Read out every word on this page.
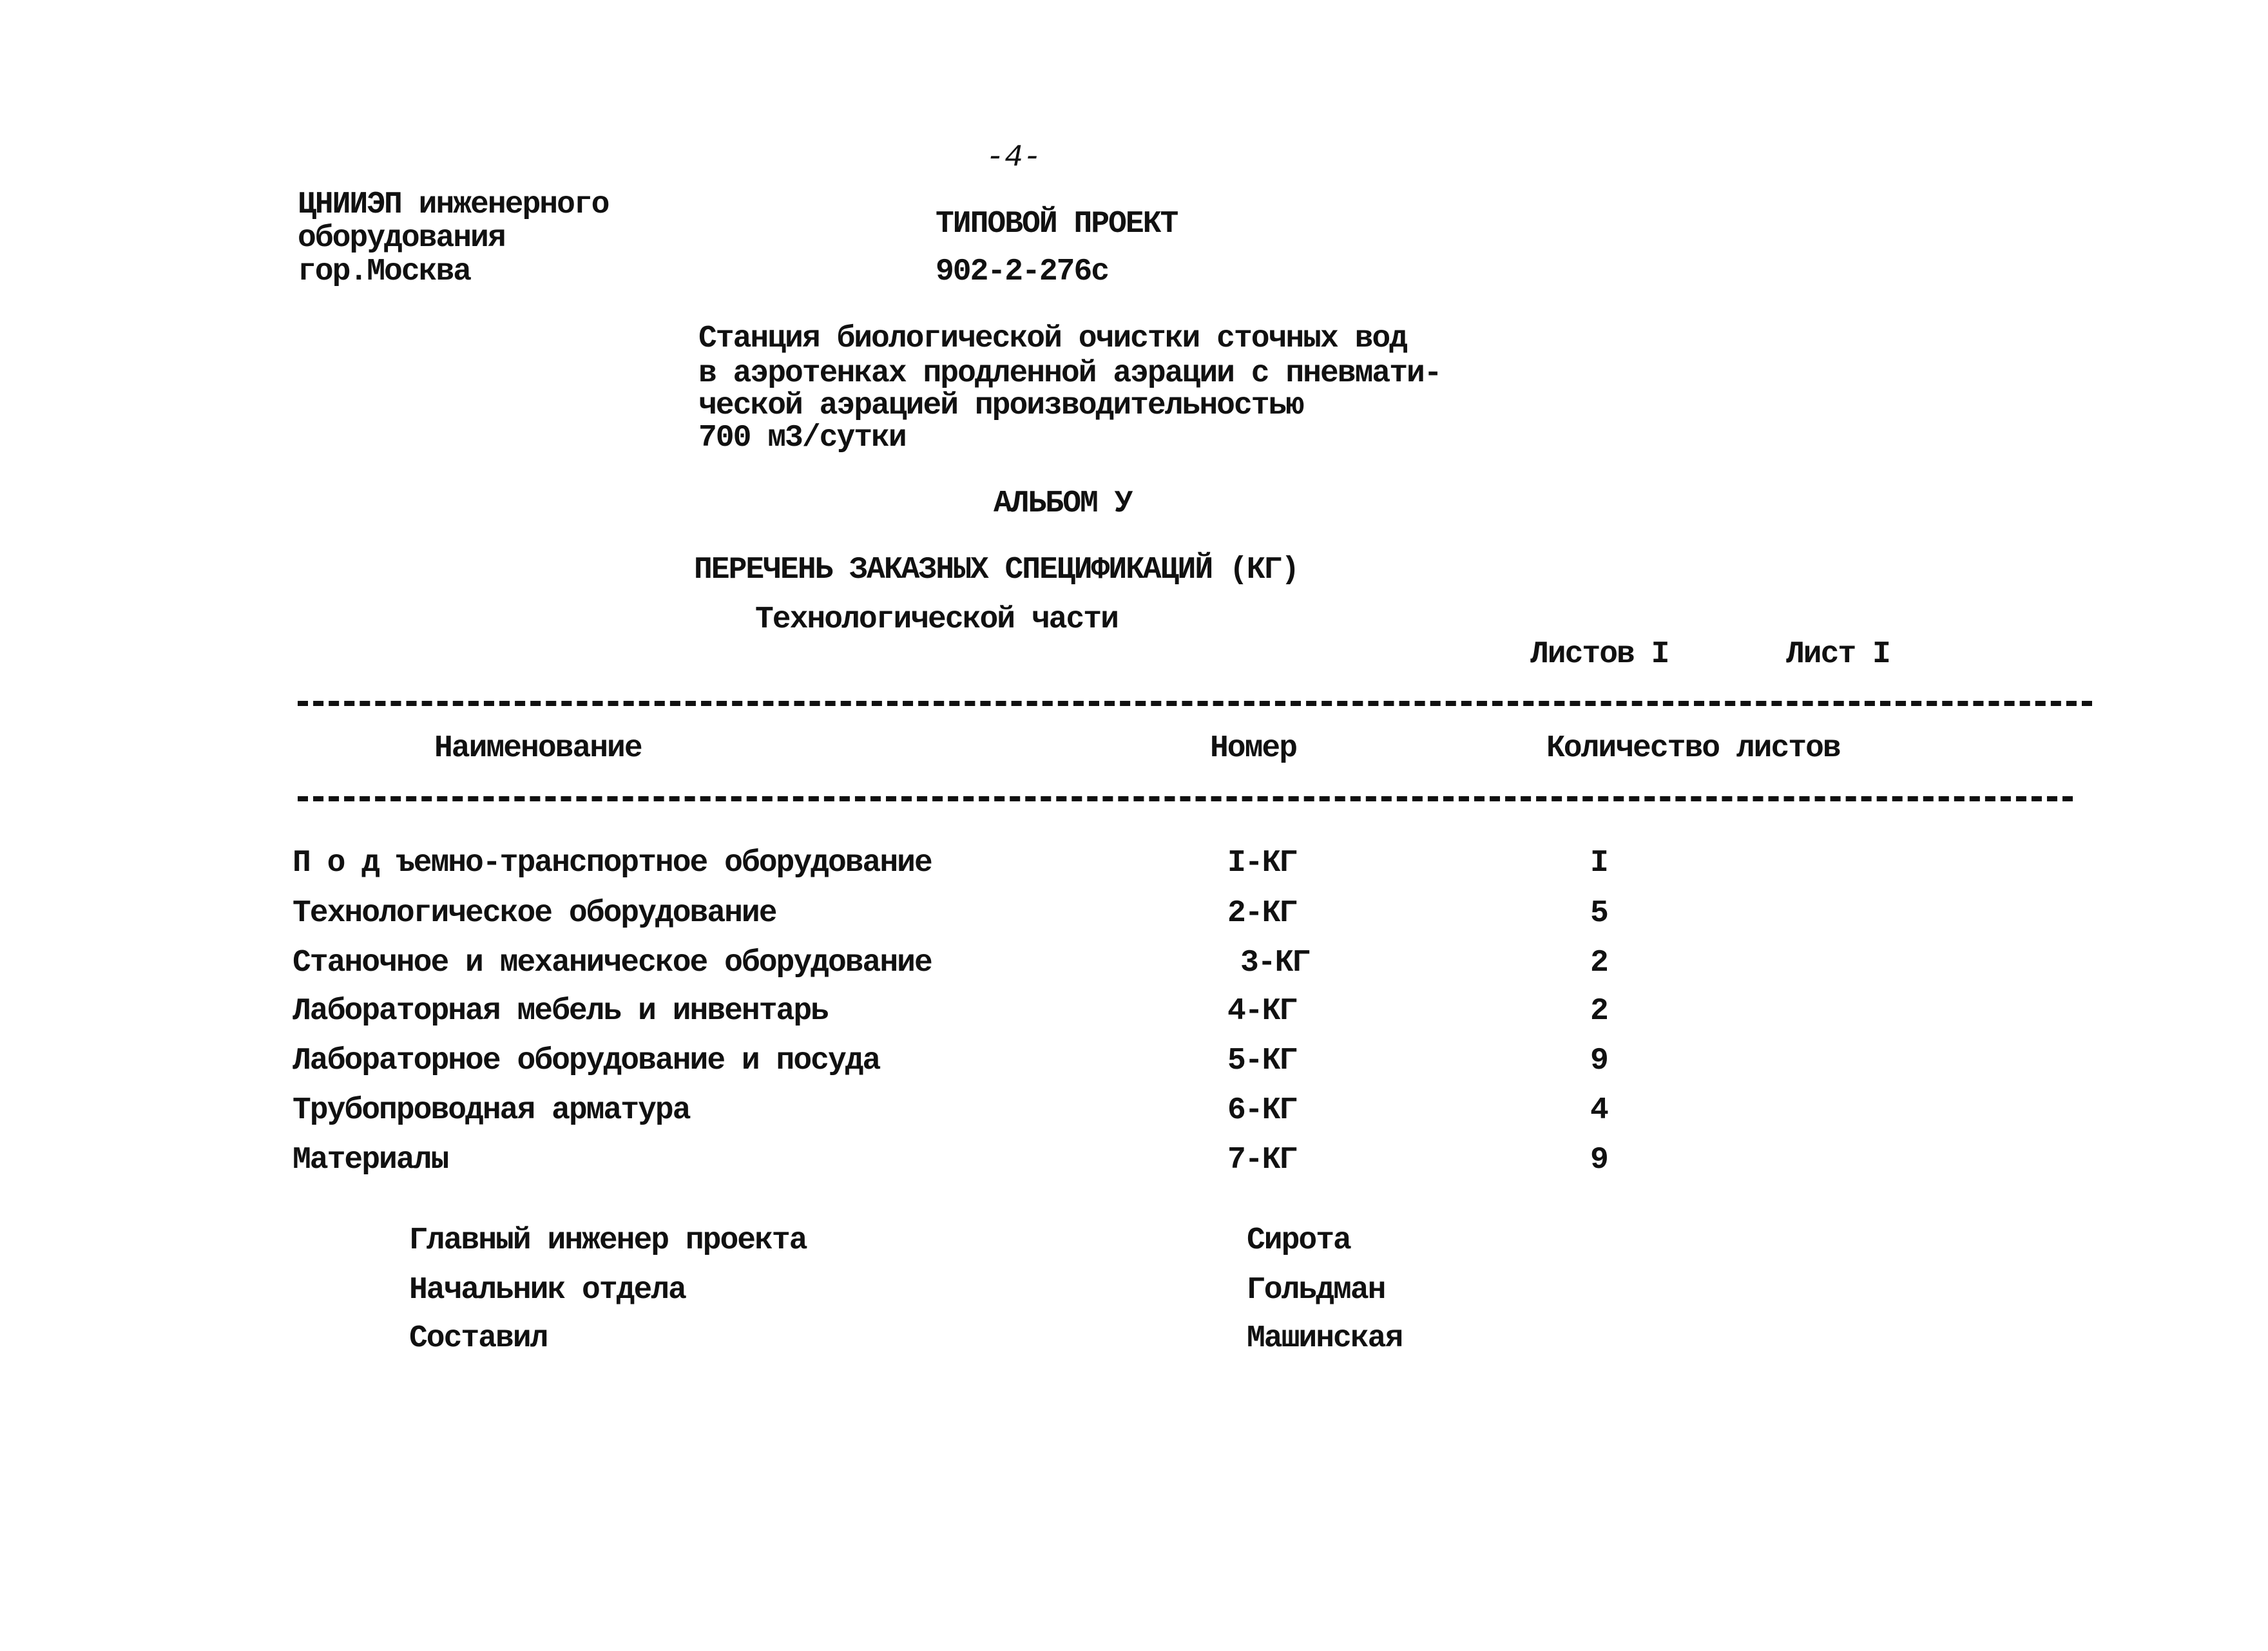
-4-
ЦНИИЭП инженерного
оборудования
гор.Москва
ТИПОВОЙ ПРОЕКТ
902-2-276с
Станция биологической очистки сточных вод
в аэротенках продленной аэрации с пневмати-
ческой аэрацией производительностью
700 м3/сутки
АЛЬБОМ У
ПЕРЕЧЕНЬ ЗАКАЗНЫХ СПЕЦИФИКАЦИЙ (КГ)
Технологической части
Листов I	Лист I
Наименование	Номер	Количество листов
П о д ъемно-транспортное оборудование	I-КГ	I
Технологическое оборудование	2-КГ	5
Станочное и механическое оборудование	3-КГ	2
Лабораторная мебель и инвентарь	4-КГ	2
Лабораторное оборудование и посуда	5-КГ	9
Трубопроводная арматура	6-КГ	4
Материалы	7-КГ	9
Главный инженер проекта	Сирота
Начальник отдела	Гольдман
Составил	Машинская
